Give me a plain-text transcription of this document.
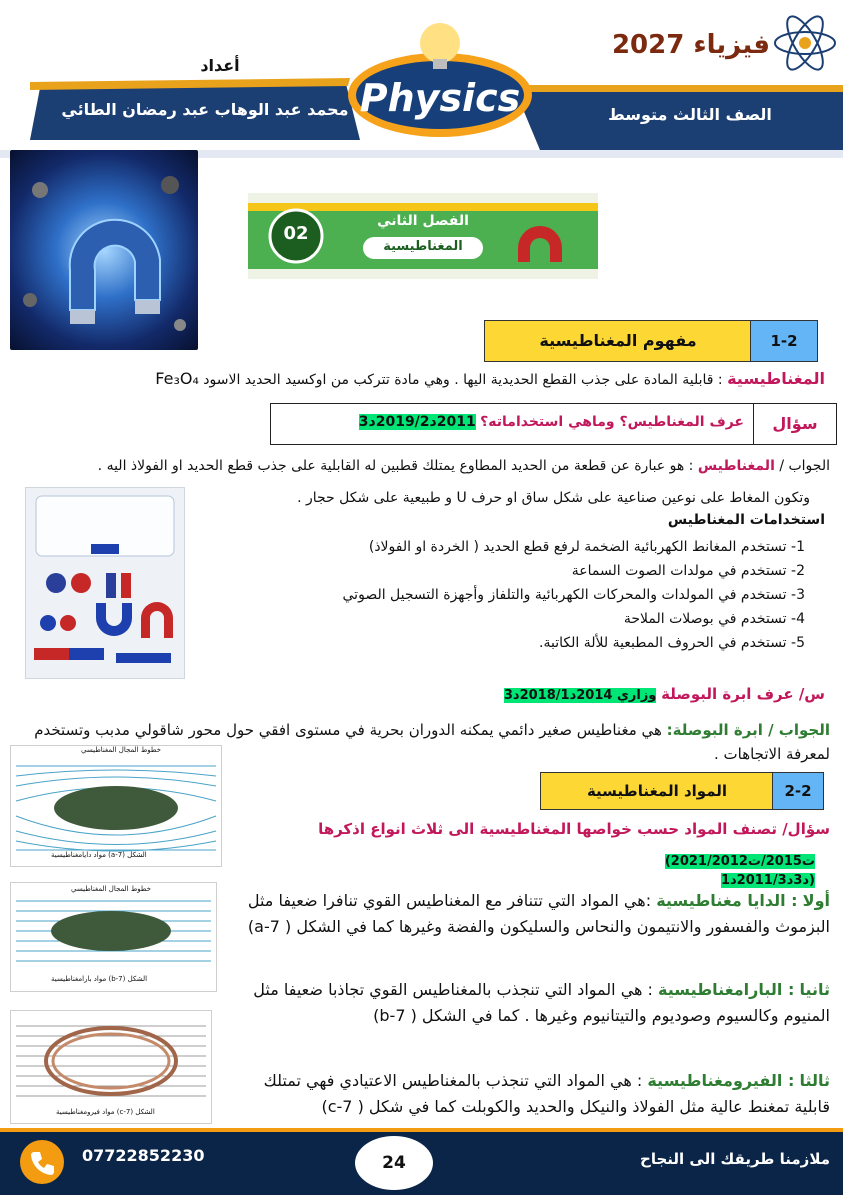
أعداد
محمد عبد الوهاب عبد رمضان الطائي Physics
فيزياء 2027
الصف الثالث متوسط
02
الفصل الثاني
المغناطيسية
مفهوم المغناطيسية	1-2
المغناطيسية : قابلية المادة على جذب القطع الحديدية اليها . وهي مادة تتركب من اوكسيد الحديد الاسود Fe₃O₄
سؤال
عرف المغناطيس؟ وماهي استخداماته؟ 2011د2019/2د3
الجواب / المغناطيس : هو عبارة عن قطعة من الحديد المطاوع يمتلك قطبين له القابلية على جذب قطع الحديد او الفولاذ اليه .
وتكون المغاط على نوعين صناعية على شكل ساق او حرف U و طبيعية على شكل حجار .
استخدامات المغناطيس
1- تستخدم المغانط الكهربائية الضخمة لرفع قطع الحديد ( الخردة او الفولاذ)
2- تستخدم في مولدات الصوت السماعة
3- تستخدم في المولدات والمحركات الكهربائية والتلفاز وأجهزة التسجيل الصوتي
4- تستخدم في بوصلات الملاحة
5- تستخدم في الحروف المطبعية للألة الكاتبة.
س/ عرف ابرة البوصلة وزاري 2014د2018/1د3
الجواب / ابرة البوصلة: هي مغناطيس صغير دائمي يمكنه الدوران بحرية في مستوى افقي حول محور شاقولي مدبب وتستخدم لمعرفة الاتجاهات .
المواد المغناطيسية	2-2
سؤال/ تصنف المواد حسب خواصها المغناطيسية الى ثلاث انواع اذكرها
(2021ت2015/ت2012/د3د2011/3د1)
خطوط المجال المغناطيسي
الشكل (a-7) مواد دايامغناطيسية
خطوط المجال المغناطيسي
الشكل (b-7) مواد بارامغناطيسية
الشكل (c-7) مواد فيرومغناطيسية
أولا : الدايا مغناطيسية :هي المواد التي تتنافر مع المغناطيس القوي تنافرا ضعيفا مثل البزموث والفسفور والانتيمون والنحاس والسليكون والفضة وغيرها كما في الشكل ( 7-a)
ثانيا : البارامغناطيسية : هي المواد التي تنجذب بالمغناطيس القوي تجاذبا ضعيفا مثل المنيوم وكالسيوم وصوديوم والتيتانيوم وغيرها . كما في الشكل ( 7-b)
ثالثا : الفيرومغناطيسية : هي المواد التي تنجذب بالمغناطيس الاعتيادي فهي تمتلك قابلية تمغنط عالية مثل الفولاذ والنيكل والحديد والكوبلت كما في شكل ( 7-c)
07722852230	24	ملازمنا طريقك الى النجاح
